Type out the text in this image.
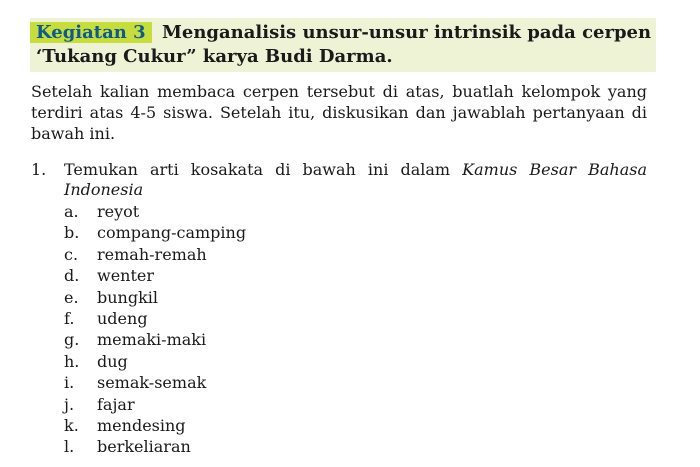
Kegiatan 3 Menganalisis unsur-unsur intrinsik pada cerpen
‘Tukang Cukur” karya Budi Darma.
Setelah kalian membaca cerpen tersebut di atas, buatlah kelompok yang
terdiri atas 4-5 siswa. Setelah itu, diskusikan dan jawablah pertanyaan di
bawah ini.
1. Temukan arti kosakata di bawah ini dalam Kamus Besar Bahasa
Indonesia
a. reyot
b. compang-camping
c. remah-remah
d. wenter
e. bungkil
f. udeng
g. memaki-maki
h. dug
i. semak-semak
j. fajar
k. mendesing
l. berkeliaran
